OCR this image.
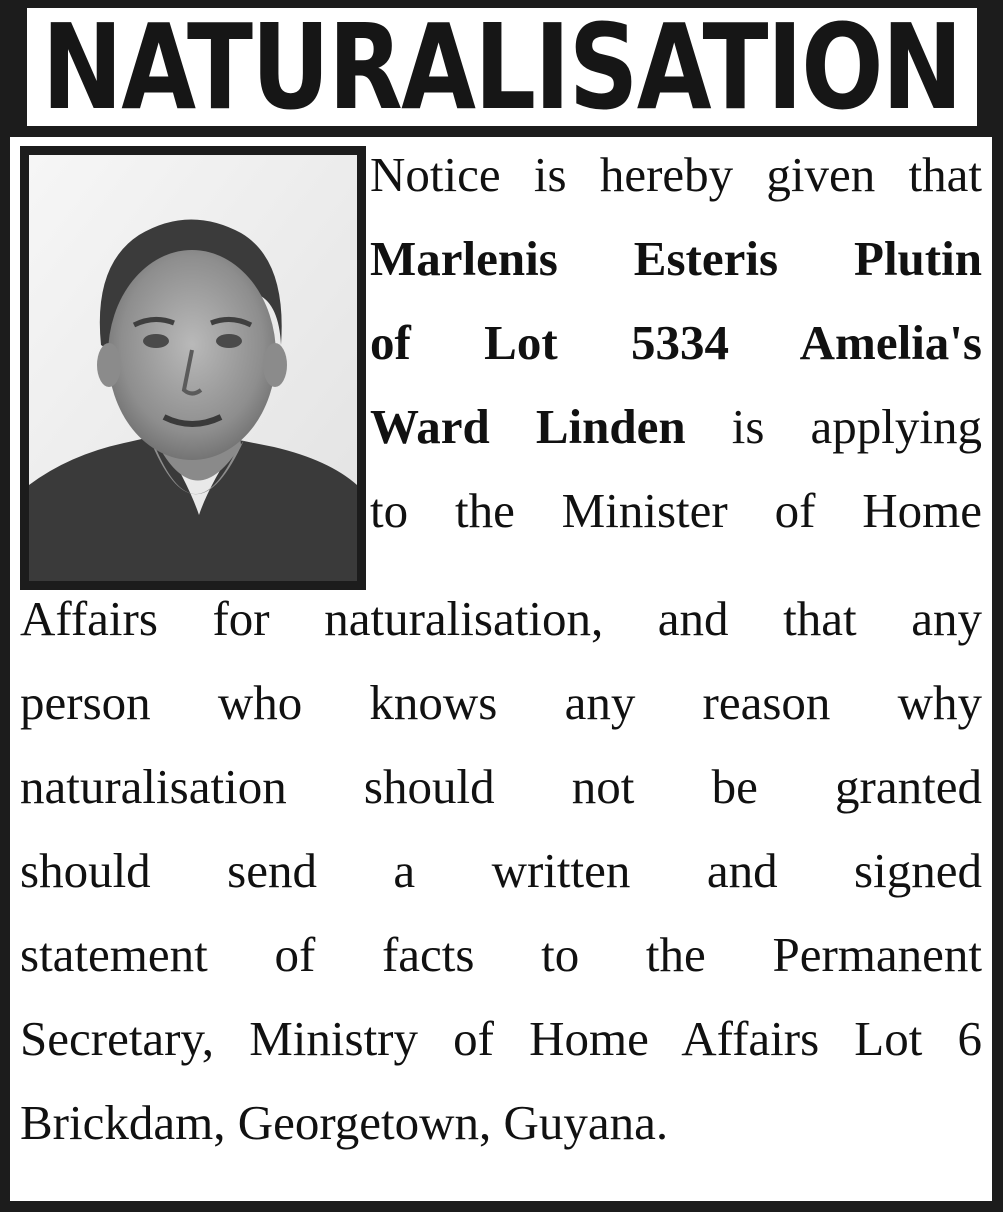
NATURALISATION
Notice is hereby given that
Marlenis Esteris Plutin
of Lot 5334 Amelia's
Ward Linden is applying
to the Minister of Home
Affairs for naturalisation, and that any
person who knows any reason why
naturalisation should not be granted
should send a written and signed
statement of facts to the Permanent
Secretary, Ministry of Home Affairs Lot 6
Brickdam, Georgetown, Guyana.
